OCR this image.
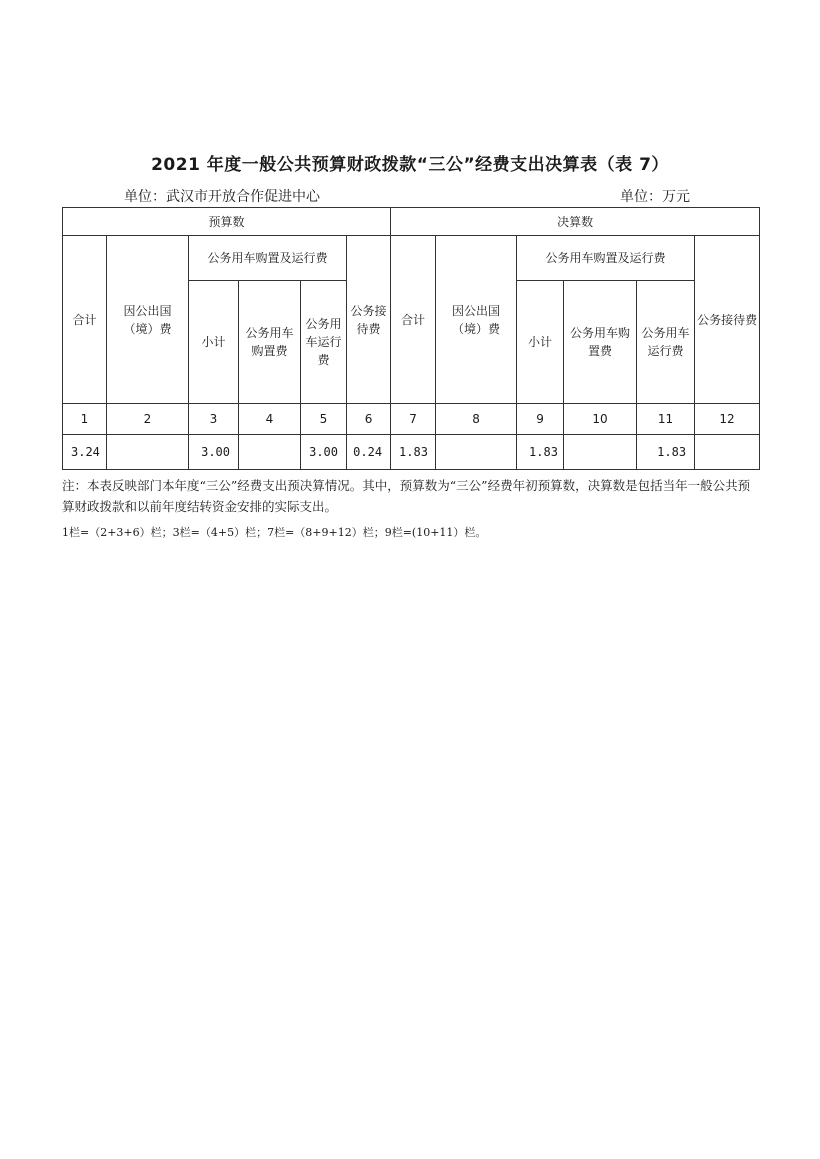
2021 年度一般公共预算财政拨款“三公”经费支出决算表（表 7）
单位：武汉市开放合作促进中心	单位：万元
预算数						决算数					
合计	因公出国（境）费	公务用车购置及运行费			公务接待费	合计	因公出国（境）费	公务用车购置及运行费			公务接待费
		小计	公务用车购置费	公务用车运行费				小计	公务用车购置费	公务用车运行费	
1	2	3	4	5	6	7	8	9	10	11	12
3.24		3.00		3.00	0.24	1.83		1.83		1.83	
注：本表反映部门本年度“三公”经费支出预决算情况。其中，预算数为“三公”经费年初预算数，决算数是包括当年一般公共预算财政拨款和以前年度结转资金安排的实际支出。
1栏=（2+3+6）栏；3栏=（4+5）栏；7栏=（8+9+12）栏；9栏=(10+11）栏。
